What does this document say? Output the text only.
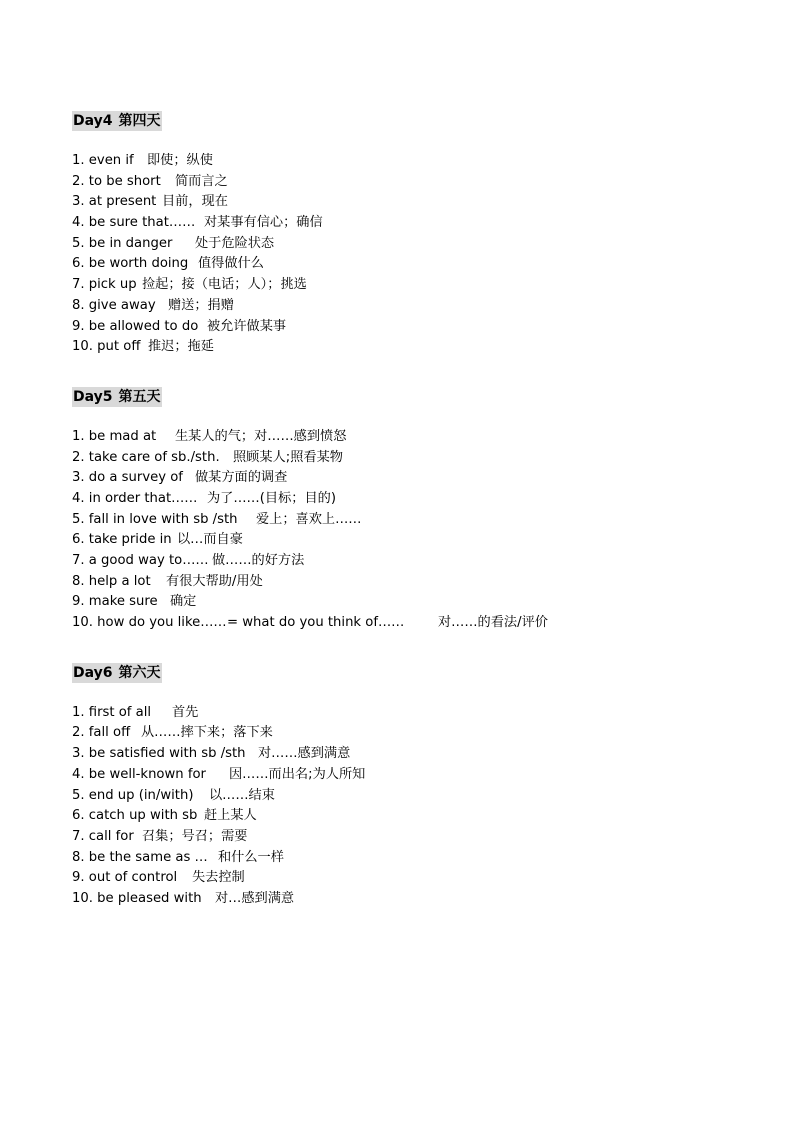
Day4 第四天
1. even if	即使；纵使
2. to be short	简而言之
3. at present 目前，现在
4. be sure that…… 对某事有信心；确信
5. be in danger	处于危险状态
6. be worth doing 值得做什么
7. pick up 捡起；接（电话；人）；挑选
8. give away 赠送；捐赠
9. be allowed to do 被允许做某事
10. put off 推迟；拖延
Day5 第五天
1. be mad at	生某人的气；对……感到愤怒
2. take care of sb./sth.	照顾某人;照看某物
3. do a survey of 做某方面的调查
4. in order that…… 为了……(目标；目的)
5. fall in love with sb /sth	爱上；喜欢上……
6. take pride in 以…而自豪
7. a good way to…… 做……的好方法
8. help a lot	有很大帮助/用处
9. make sure 确定
10. how do you like…… = what do you think of……	对……的看法/评价
Day6 第六天
1. first of all	首先
2. fall off 从……摔下来；落下来
3. be satisfied with sb /sth 对……感到满意
4. be well-known for	因……而出名;为人所知
5. end up (in/with)	以……结束
6. catch up with sb 赶上某人
7. call for 召集；号召；需要
8. be the same as … 和什么一样
9. out of control	失去控制
10. be pleased with	对…感到满意
